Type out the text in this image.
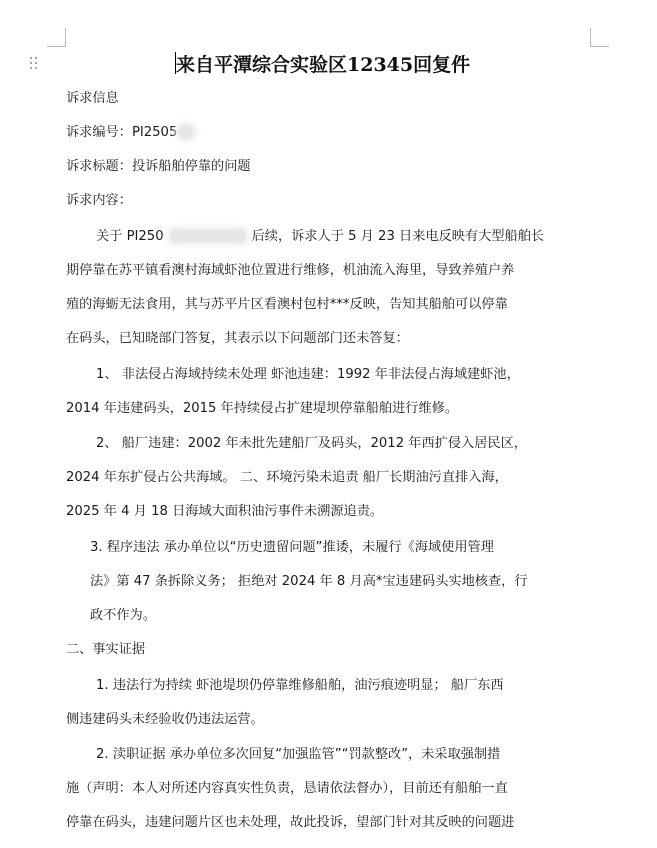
来自平潭综合实验区12345回复件
诉求信息
诉求编号：PI2505
诉求标题：投诉船舶停靠的问题
诉求内容：
关于 PI250	后续，诉求人于 5 月 23 日来电反映有大型船舶长
期停靠在苏平镇看澳村海域虾池位置进行维修，机油流入海里，导致养殖户养
殖的海蛎无法食用，其与苏平片区看澳村包村***反映，告知其船舶可以停靠
在码头，已知晓部门答复，其表示以下问题部门还未答复：
1、 非法侵占海域持续未处理 虾池违建：1992 年非法侵占海域建虾池，
2014 年违建码头，2015 年持续侵占扩建堤坝停靠船舶进行维修。
2、 船厂违建：2002 年未批先建船厂及码头，2012 年西扩侵入居民区，
2024 年东扩侵占公共海域。 二、环境污染未追责 船厂长期油污直排入海，
2025 年 4 月 18 日海域大面积油污事件未溯源追责。
3. 程序违法 承办单位以“历史遗留问题”推诿，未履行《海域使用管理
法》第 47 条拆除义务； 拒绝对 2024 年 8 月高*宝违建码头实地核查，行
政不作为。
二、事实证据
1. 违法行为持续 虾池堤坝仍停靠维修船舶，油污痕迹明显； 船厂东西
侧违建码头未经验收仍违法运营。
2. 渎职证据 承办单位多次回复“加强监管”“罚款整改”，未采取强制措
施（声明：本人对所述内容真实性负责，恳请依法督办），目前还有船舶一直
停靠在码头，违建问题片区也未处理，故此投诉，望部门针对其反映的问题进
